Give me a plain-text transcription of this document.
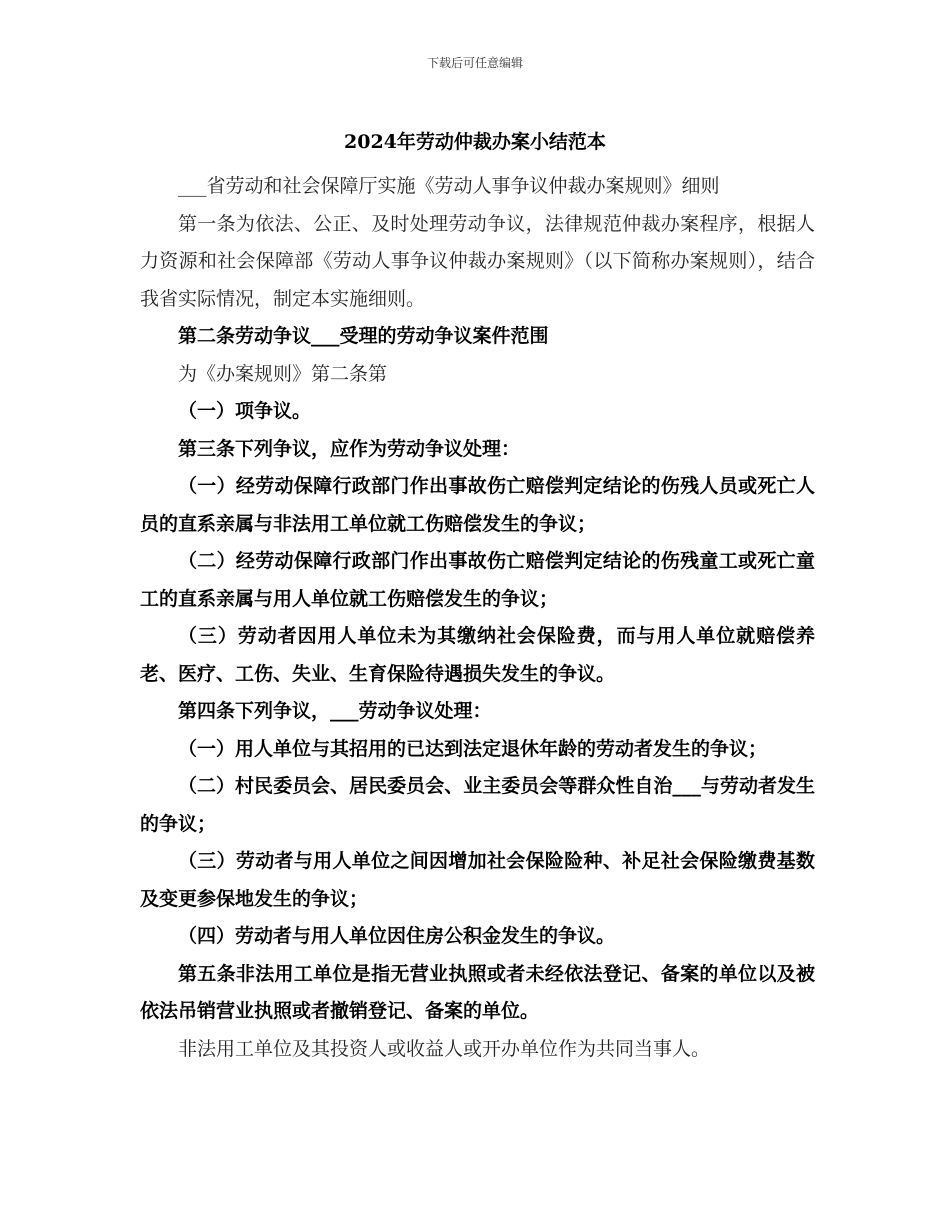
下载后可任意编辑
2024年劳动仲裁办案小结范本

___省劳动和社会保障厅实施《劳动人事争议仲裁办案规则》细则

第一条为依法、公正、及时处理劳动争议，法律规范仲裁办案程序，根据人力资源和社会保障部《劳动人事争议仲裁办案规则》（以下简称办案规则），结合我省实际情况，制定本实施细则。

第二条劳动争议___受理的劳动争议案件范围

为《办案规则》第二条第

（一）项争议。

第三条下列争议，应作为劳动争议处理：

（一）经劳动保障行政部门作出事故伤亡赔偿判定结论的伤残人员或死亡人员的直系亲属与非法用工单位就工伤赔偿发生的争议；

（二）经劳动保障行政部门作出事故伤亡赔偿判定结论的伤残童工或死亡童工的直系亲属与用人单位就工伤赔偿发生的争议；

（三）劳动者因用人单位未为其缴纳社会保险费，而与用人单位就赔偿养老、医疗、工伤、失业、生育保险待遇损失发生的争议。

第四条下列争议，___劳动争议处理：

（一）用人单位与其招用的已达到法定退休年龄的劳动者发生的争议；

（二）村民委员会、居民委员会、业主委员会等群众性自治___与劳动者发生的争议；

（三）劳动者与用人单位之间因增加社会保险险种、补足社会保险缴费基数及变更参保地发生的争议；

（四）劳动者与用人单位因住房公积金发生的争议。

第五条非法用工单位是指无营业执照或者未经依法登记、备案的单位以及被依法吊销营业执照或者撤销登记、备案的单位。

非法用工单位及其投资人或收益人或开办单位作为共同当事人。
